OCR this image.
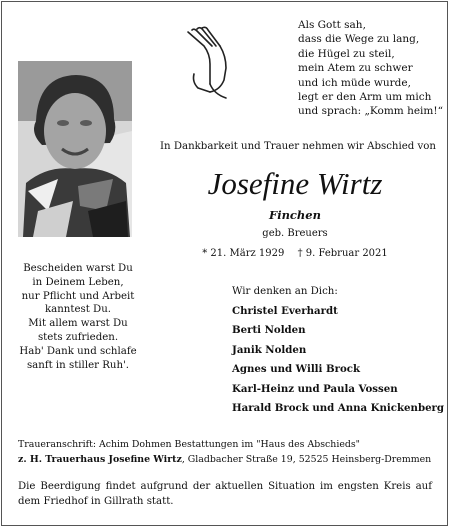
Als Gott sah,
dass die Wege zu lang,
die Hügel zu steil,
mein Atem zu schwer
und ich müde wurde,
legt er den Arm um mich
und sprach: „Komm heim!“
In Dankbarkeit und Trauer nehmen wir Abschied von
Josefine Wirtz
Finchen
geb. Breuers
* 21. März 1929 † 9. Februar 2021
Bescheiden warst Du
in Deinem Leben,
nur Pflicht und Arbeit
kanntest Du.
Mit allem warst Du
stets zufrieden.
Hab' Dank und schlafe
sanft in stiller Ruh'.
Wir denken an Dich:
Christel Everhardt
Berti Nolden
Janik Nolden
Agnes und Willi Brock
Karl-Heinz und Paula Vossen
Harald Brock und Anna Knickenberg
Traueranschrift: Achim Dohmen Bestattungen im "Haus des Abschieds"
z. H. Trauerhaus Josefine Wirtz, Gladbacher Straße 19, 52525 Heinsberg-Dremmen
Die Beerdigung findet aufgrund der aktuellen Situation im engsten Kreis auf dem Friedhof in Gillrath statt.
